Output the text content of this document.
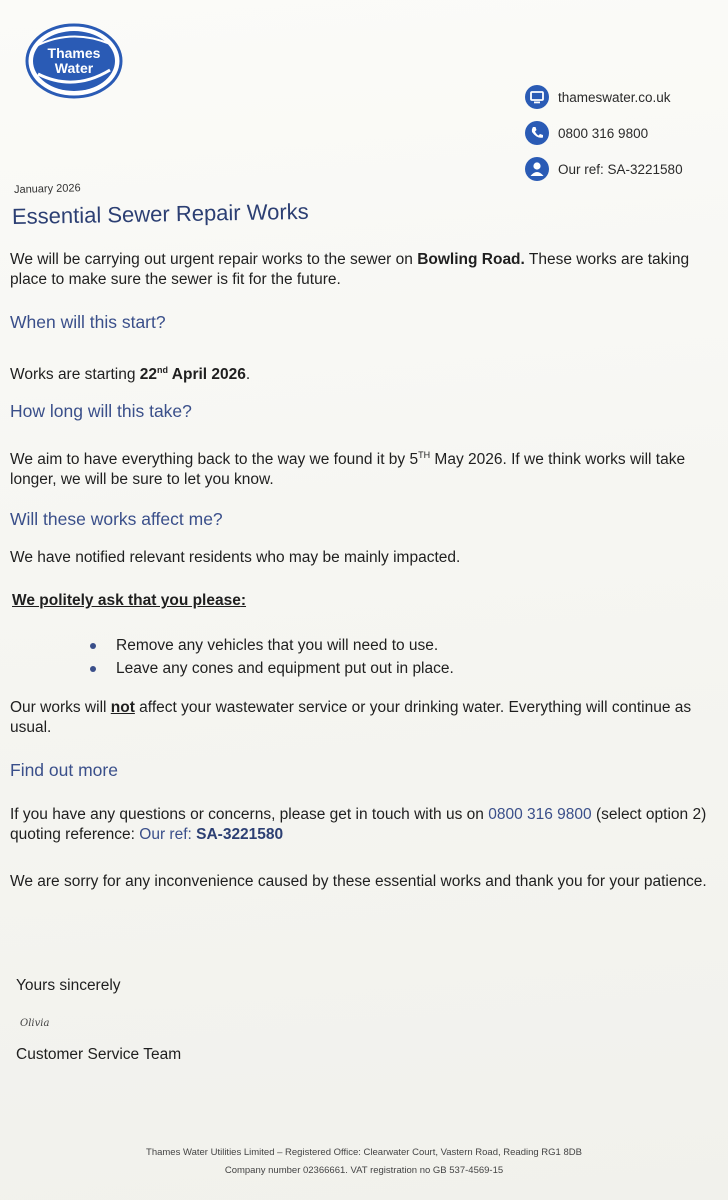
Thames
Water
thameswater.co.uk
0800 316 9800
Our ref: SA-3221580
January 2026
Essential Sewer Repair Works
We will be carrying out urgent repair works to the sewer on Bowling Road. These works are taking place to make sure the sewer is fit for the future.
When will this start?
Works are starting 22nd April 2026.
How long will this take?
We aim to have everything back to the way we found it by 5TH May 2026. If we think works will take longer, we will be sure to let you know.
Will these works affect me?
We have notified relevant residents who may be mainly impacted.
We politely ask that you please:
Remove any vehicles that you will need to use.
Leave any cones and equipment put out in place.
Our works will not affect your wastewater service or your drinking water. Everything will continue as usual.
Find out more
If you have any questions or concerns, please get in touch with us on 0800 316 9800 (select option 2) quoting reference: Our ref: SA-3221580
We are sorry for any inconvenience caused by these essential works and thank you for your patience.
Yours sincerely
Olivia
Customer Service Team
Thames Water Utilities Limited – Registered Office: Clearwater Court, Vastern Road, Reading RG1 8DB
Company number 02366661. VAT registration no GB 537-4569-15
